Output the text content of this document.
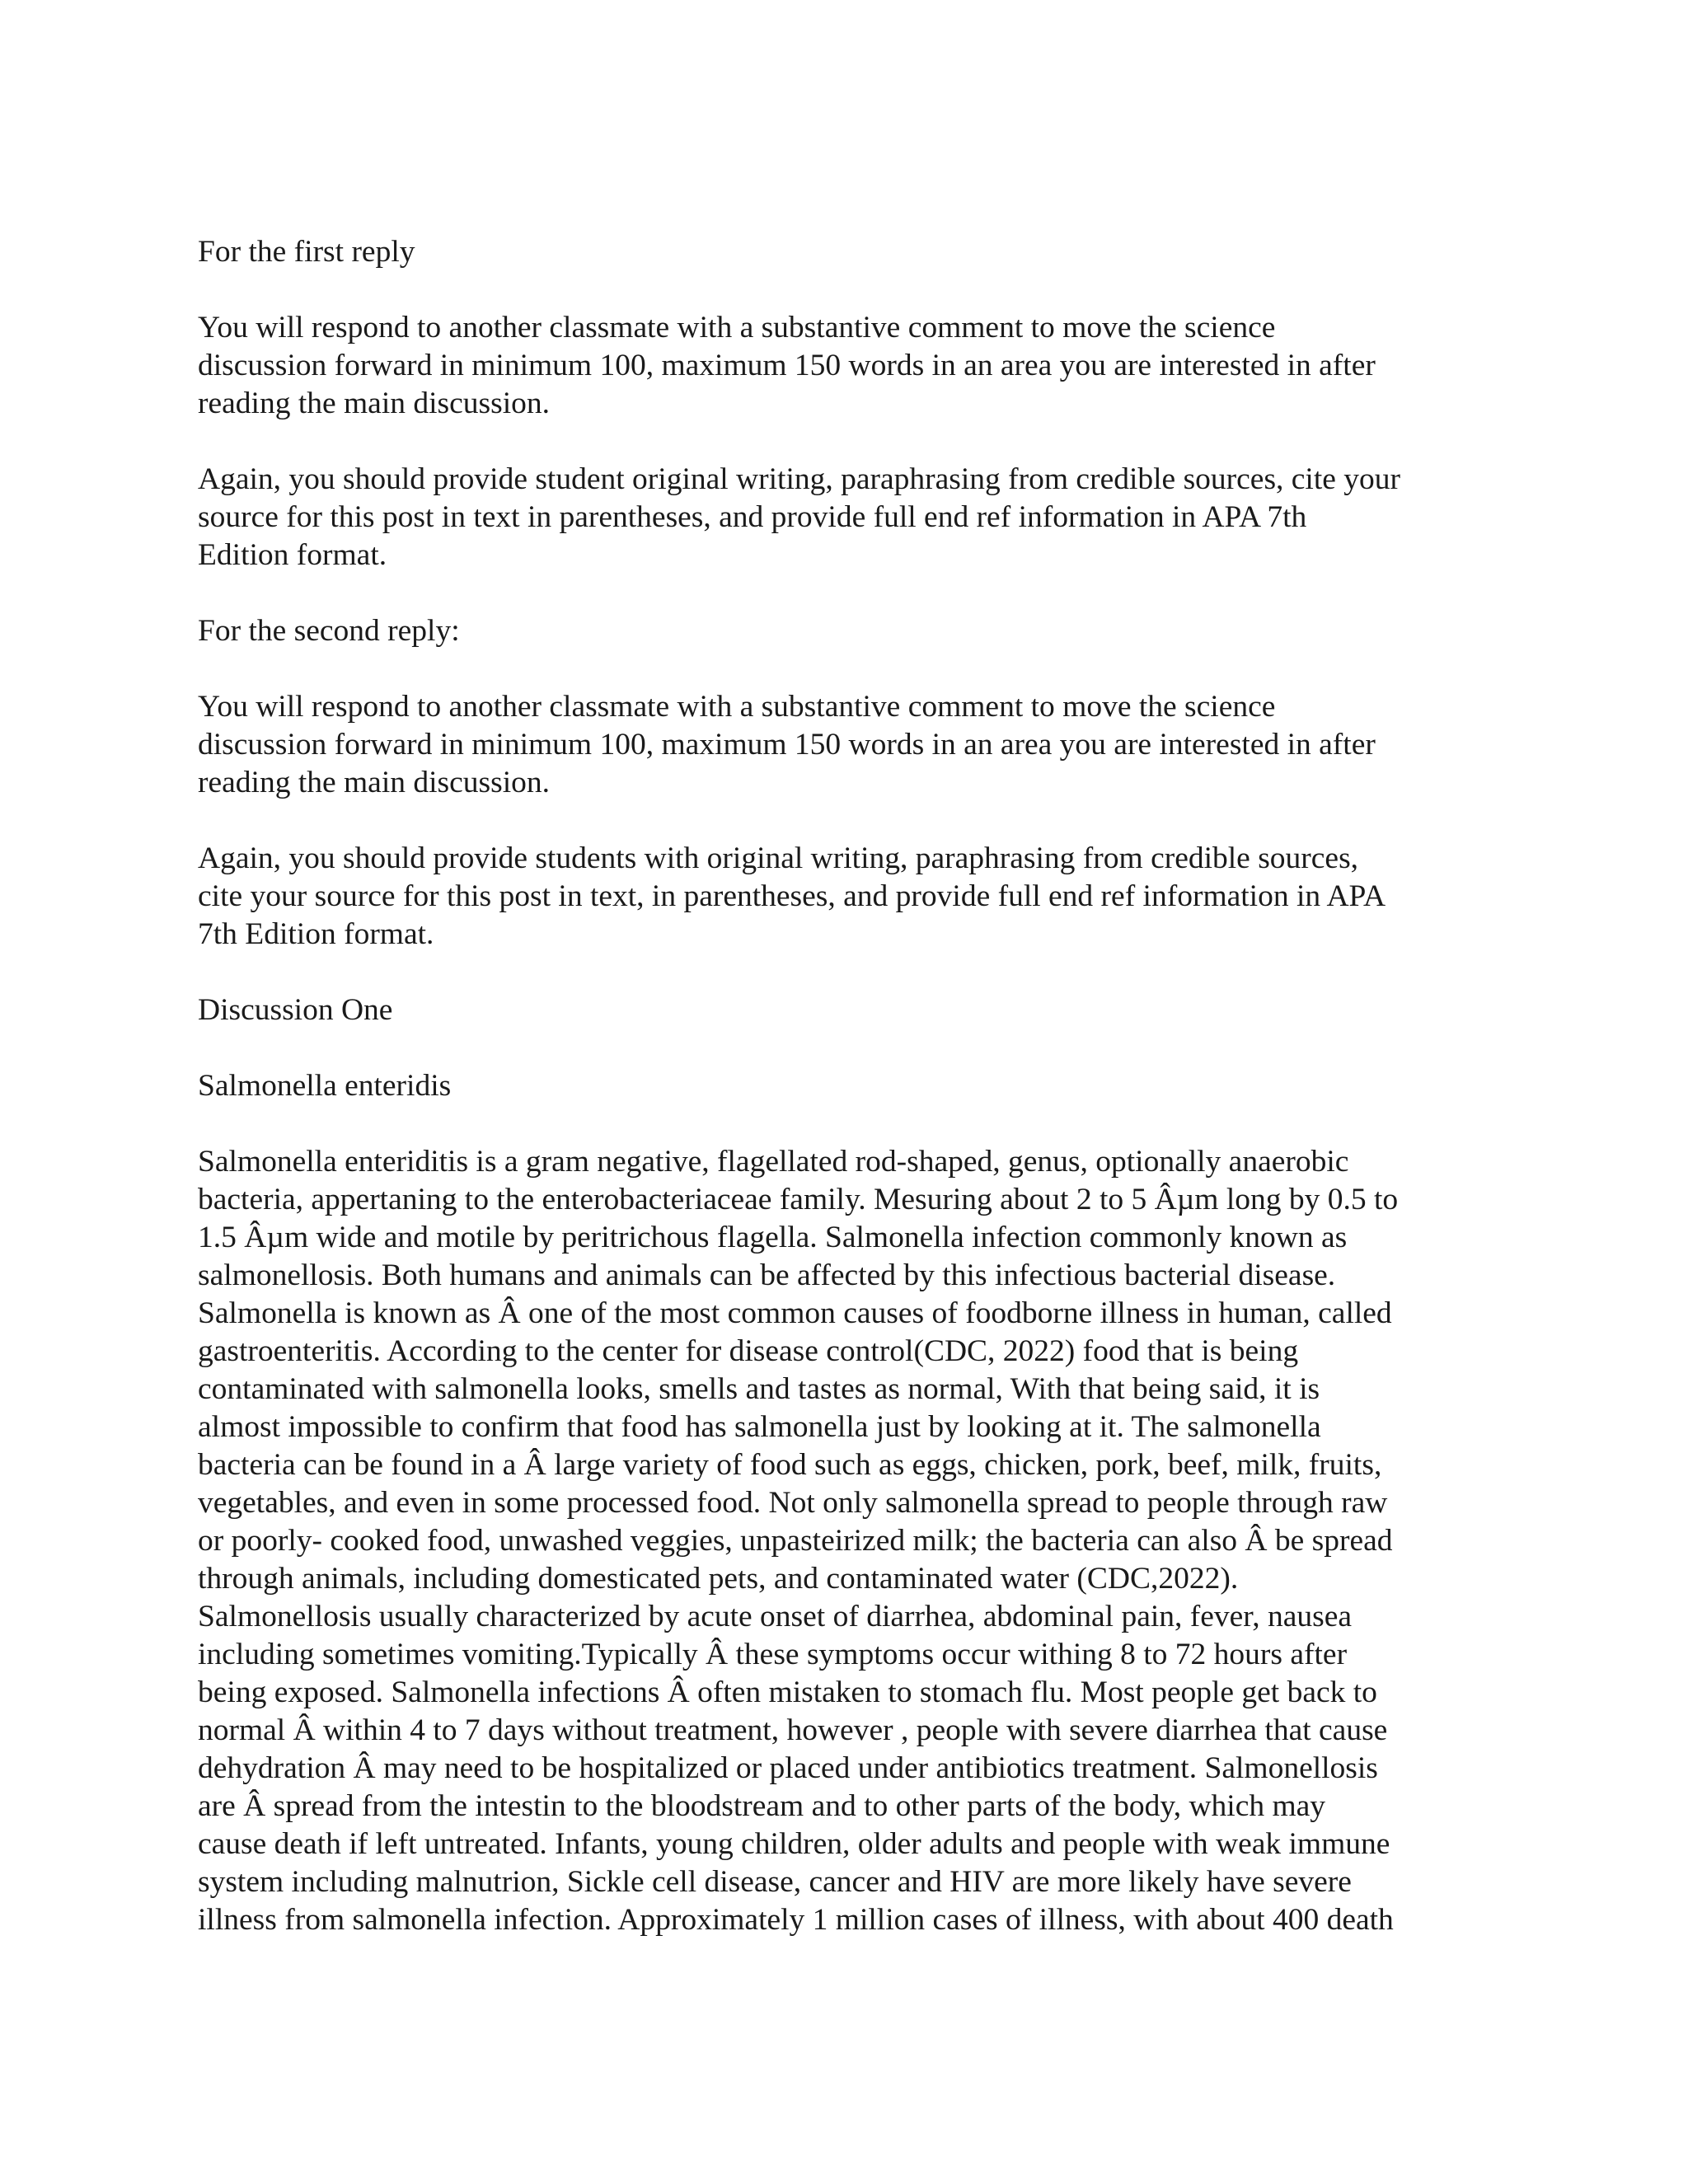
For the first reply

You will respond to another classmate with a substantive comment to move the science
discussion forward in minimum 100, maximum 150 words in an area you are interested in after
reading the main discussion.

Again, you should provide student original writing, paraphrasing from credible sources, cite your
source for this post in text in parentheses, and provide full end ref information in APA 7th
Edition format.

For the second reply:

You will respond to another classmate with a substantive comment to move the science
discussion forward in minimum 100, maximum 150 words in an area you are interested in after
reading the main discussion.

Again, you should provide students with original writing, paraphrasing from credible sources,
cite your source for this post in text, in parentheses, and provide full end ref information in APA
7th Edition format.

Discussion One

Salmonella enteridis

Salmonella enteriditis is a gram negative, flagellated rod-shaped, genus, optionally anaerobic
bacteria, appertaning to the enterobacteriaceae family. Mesuring about 2 to 5 Âµm long by 0.5 to
1.5 Âµm wide and motile by peritrichous flagella. Salmonella infection commonly known as
salmonellosis. Both humans and animals can be affected by this infectious bacterial disease.
Salmonella is known as Â one of the most common causes of foodborne illness in human, called
gastroenteritis. According to the center for disease control(CDC, 2022) food that is being
contaminated with salmonella looks, smells and tastes as normal, With that being said, it is
almost impossible to confirm that food has salmonella just by looking at it. The salmonella
bacteria can be found in a Â large variety of food such as eggs, chicken, pork, beef, milk, fruits,
vegetables, and even in some processed food. Not only salmonella spread to people through raw
or poorly- cooked food, unwashed veggies, unpasteirized milk; the bacteria can also Â be spread
through animals, including domesticated pets, and contaminated water (CDC,2022).
Salmonellosis usually characterized by acute onset of diarrhea, abdominal pain, fever, nausea
including sometimes vomiting.Typically Â these symptoms occur withing 8 to 72 hours after
being exposed. Salmonella infections Â often mistaken to stomach flu. Most people get back to
normal Â within 4 to 7 days without treatment, however , people with severe diarrhea that cause
dehydration Â may need to be hospitalized or placed under antibiotics treatment. Salmonellosis
are Â spread from the intestin to the bloodstream and to other parts of the body, which may
cause death if left untreated. Infants, young children, older adults and people with weak immune
system including malnutrion, Sickle cell disease, cancer and HIV are more likely have severe
illness from salmonella infection. Approximately 1 million cases of illness, with about 400 death
